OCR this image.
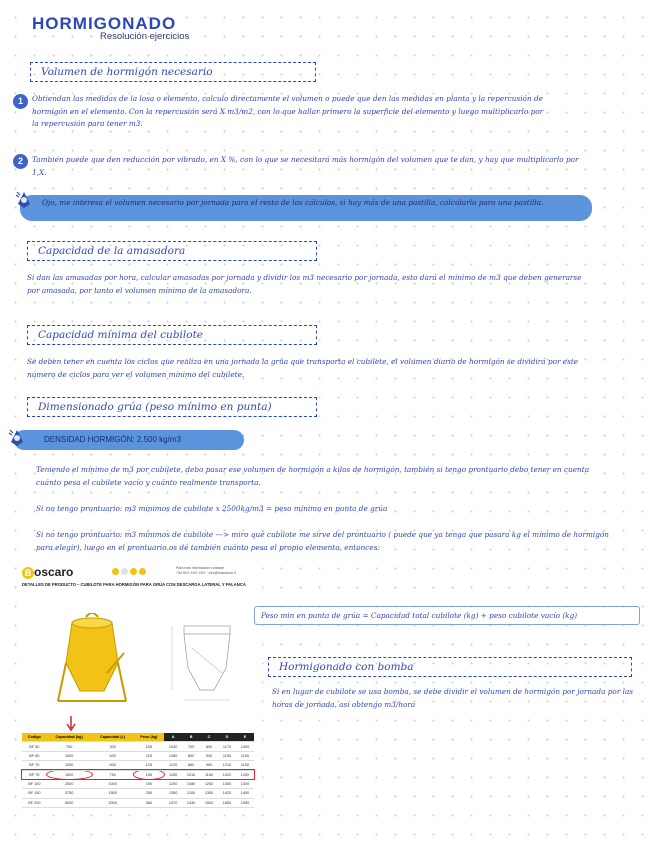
HORMIGONADO
Resolución ejercicios
Volumen de hormigón necesario
1	Obtiendan las medidas de la losa o elemento, calculo directamente el volumen o puede que den las medidas en planta y la repercusión de hormigón en el elemento. Con la repercusión será X m3/m2, con lo que hallar primero la superficie del elemento y luego multiplicarlo por la repercusión para tener m3.
2	También puede que den reducción por vibrado, en X %, con lo que se necesitará más hormigón del volumen que te dan, y hay que multiplicarlo por 1,X.
Ojo, me interesa el volumen necesario por jornada para el resto de los cálculos, si hay más de una pastilla, calcularlo para una pastilla.
Capacidad de la amasadora
Si dan las amasadas por hora, calcular amasadas por jornada y dividir los m3 necesario por jornada, esto dará el mínimo de m3 que deben generarse por amasada, por tanto el volumen mínimo de la amasadora.
Capacidad mínima del cubilote
Se deben tener en cuenta los ciclos que realiza en una jornada la grúa que transporta el cubilete, el volumen diario de hormigón se dividirá por este número de ciclos para ver el volumen mínimo del cubilete.
Dimensionado grúa (peso mínimo en punta)
DENSIDAD HORMIGÓN: 2.500 kg/m3
Teniendo el mínimo de m3 por cubilete, debo pasar ese volumen de hormigón a kilos de hormigón, también si tengo prontuario debo tener en cuenta cuánto pesa el cubilete vacío y cuánto realmente transporta.
Si no tengo prontuario: m3 mínimos de cubilote x 2500kg/m3 = peso mínimo en punta de grúa
Si no tengo prontuario: m3 mínimos de cubilote ---> miro qué cubilote me sirve del prontuario ( puede que ya tenga que pasara kg el mínimo de hormigón para elegir), luego en el prontuario os dé también cuánto pesa el propio elemento, entonces:
B oscaro	Para más información contacte
+34 9XX XXX XXX · info@boscarolo.it
DETALLES DE PRODUCTO – CUBILOTE PARA HORMIGÓN PARA GRÚA CON DESCARGA LATERAL Y PALANCA
Código	Capacidad (kg)	Capacidad (L)	Peso (kg)	A	B	C	D	E
BF 50	750	300	105	1040	700	890	1170	1000
BF 60	1000	400	115	1080	800	930	1190	1100
BF 70	1250	500	125	1120	860	960	1210	1150
BF 75	1500	750	155	1150	1010	1150	1320	1200
BF 100	2500	1000	190	1250	1080	1250	1350	1300
BF 150	3750	1500	250	1350	1200	1350	1420	1400
BF 200	5000	2000	360	1470	1430	1500	1650	1550
Peso min en punta de grúa = Capacidad total cubilote (kg) + peso cubilote vacío (kg)
Hormigonado con bomba
Si en lugar de cubilote se usa bomba, se debe dividir el volumen de hormigón por jornada por las horas de jornada, así obtengo m3/hora
